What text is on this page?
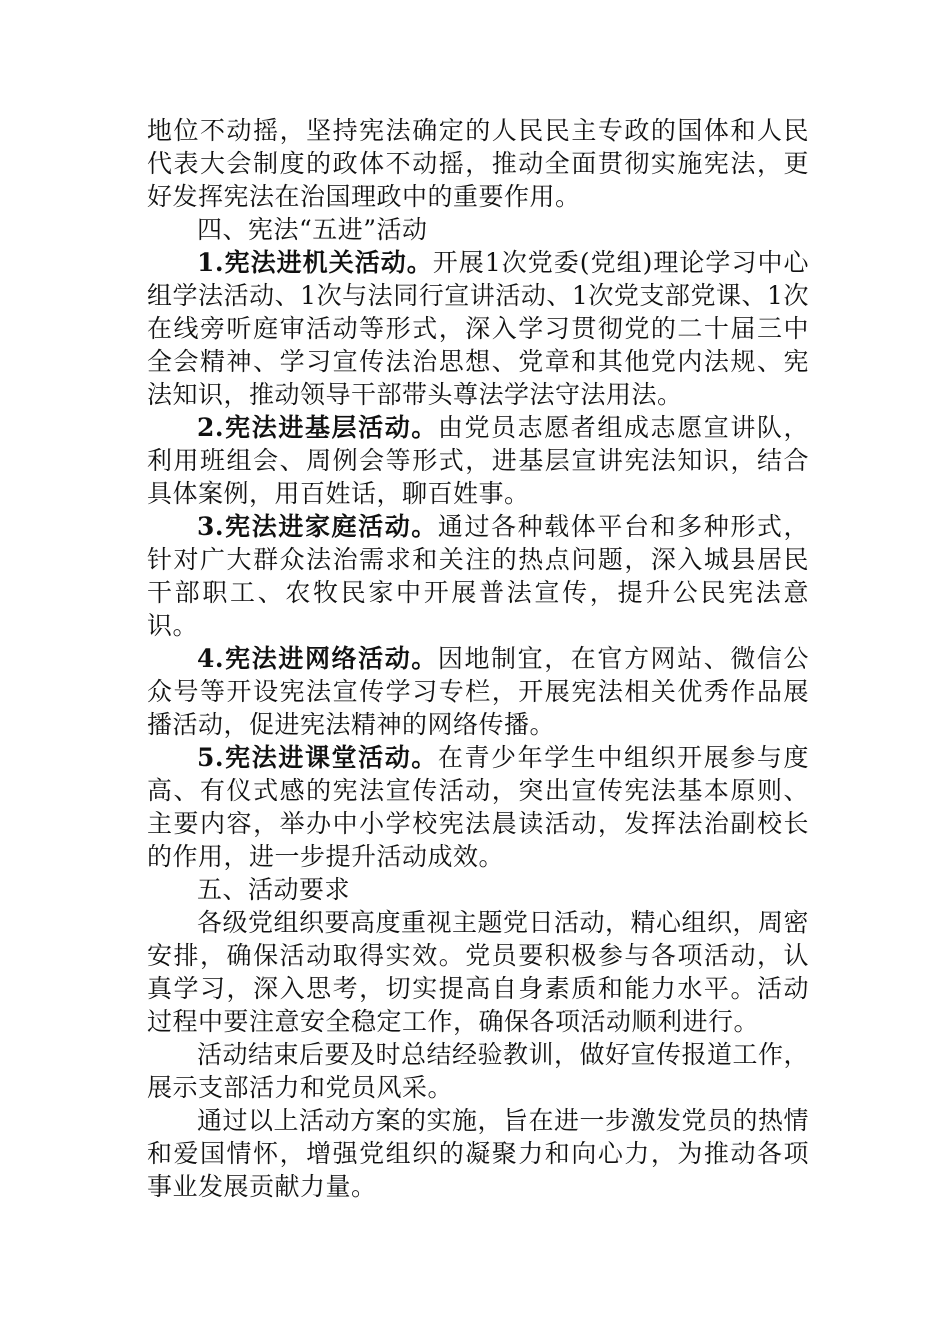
地位不动摇，坚持宪法确定的人民民主专政的国体和人民代表大会制度的政体不动摇，推动全面贯彻实施宪法，更好发挥宪法在治国理政中的重要作用。

四、宪法“五进”活动

1.宪法进机关活动。开展1次党委(党组)理论学习中心组学法活动、1次与法同行宣讲活动、1次党支部党课、1次在线旁听庭审活动等形式，深入学习贯彻党的二十届三中全会精神、学习宣传法治思想、党章和其他党内法规、宪法知识，推动领导干部带头尊法学法守法用法。

2.宪法进基层活动。由党员志愿者组成志愿宣讲队，利用班组会、周例会等形式，进基层宣讲宪法知识，结合具体案例，用百姓话，聊百姓事。

3.宪法进家庭活动。通过各种载体平台和多种形式，针对广大群众法治需求和关注的热点问题，深入城县居民干部职工、农牧民家中开展普法宣传，提升公民宪法意识。

4.宪法进网络活动。因地制宜，在官方网站、微信公众号等开设宪法宣传学习专栏，开展宪法相关优秀作品展播活动，促进宪法精神的网络传播。

5.宪法进课堂活动。在青少年学生中组织开展参与度高、有仪式感的宪法宣传活动，突出宣传宪法基本原则、主要内容，举办中小学校宪法晨读活动，发挥法治副校长的作用，进一步提升活动成效。

五、活动要求

各级党组织要高度重视主题党日活动，精心组织，周密安排，确保活动取得实效。党员要积极参与各项活动，认真学习，深入思考，切实提高自身素质和能力水平。活动过程中要注意安全稳定工作，确保各项活动顺利进行。

活动结束后要及时总结经验教训，做好宣传报道工作，展示支部活力和党员风采。

通过以上活动方案的实施，旨在进一步激发党员的热情和爱国情怀，增强党组织的凝聚力和向心力，为推动各项事业发展贡献力量。
